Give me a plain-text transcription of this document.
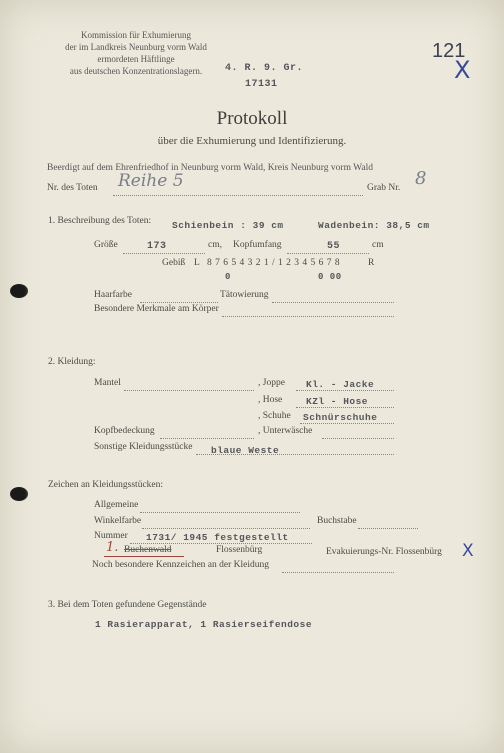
Kommission für Exhumierung
der im Landkreis Neunburg vorm Wald
ermordeten Häftlinge
aus deutschen Konzentrationslagern.	4. R. 9. Gr.
17131
121
X
Protokoll
über die Exhumierung und Identifizierung.
Beerdigt auf dem Ehrenfriedhof in Neunburg vorm Wald, Kreis Neunburg vorm Wald
Nr. des Toten Reihe 5	Grab Nr. 8
1. Beschreibung des Toten: Schienbein : 39 cm	Wadenbein: 38,5 cm
Größe	173	cm, Kopfumfang	55	cm
Gebiß L 8 7 6 5 4 3 2 1 / 1 2 3 4 5 6 7 8	R
0	0 00
Haarfarbe	Tätowierung
Besondere Merkmale am Körper
2. Kleidung:
Mantel	, Joppe Kl. - Jacke
, Hose KZl - Hose
, Schuhe Schnürschuhe
Kopfbedeckung	, Unterwäsche
Sonstige Kleidungsstücke blaue Weste
Zeichen an Kleidungsstücken:
Allgemeine
Winkelfarbe	Buchstabe
Nummer 1731/ 1945 festgestellt
1. Buchenwald	Flossenbürg	Evakuierungs-Nr. Flossenbürg X
Noch besondere Kennzeichen an der Kleidung
3. Bei dem Toten gefundene Gegenstände
1 Rasierapparat, 1 Rasierseifendose
